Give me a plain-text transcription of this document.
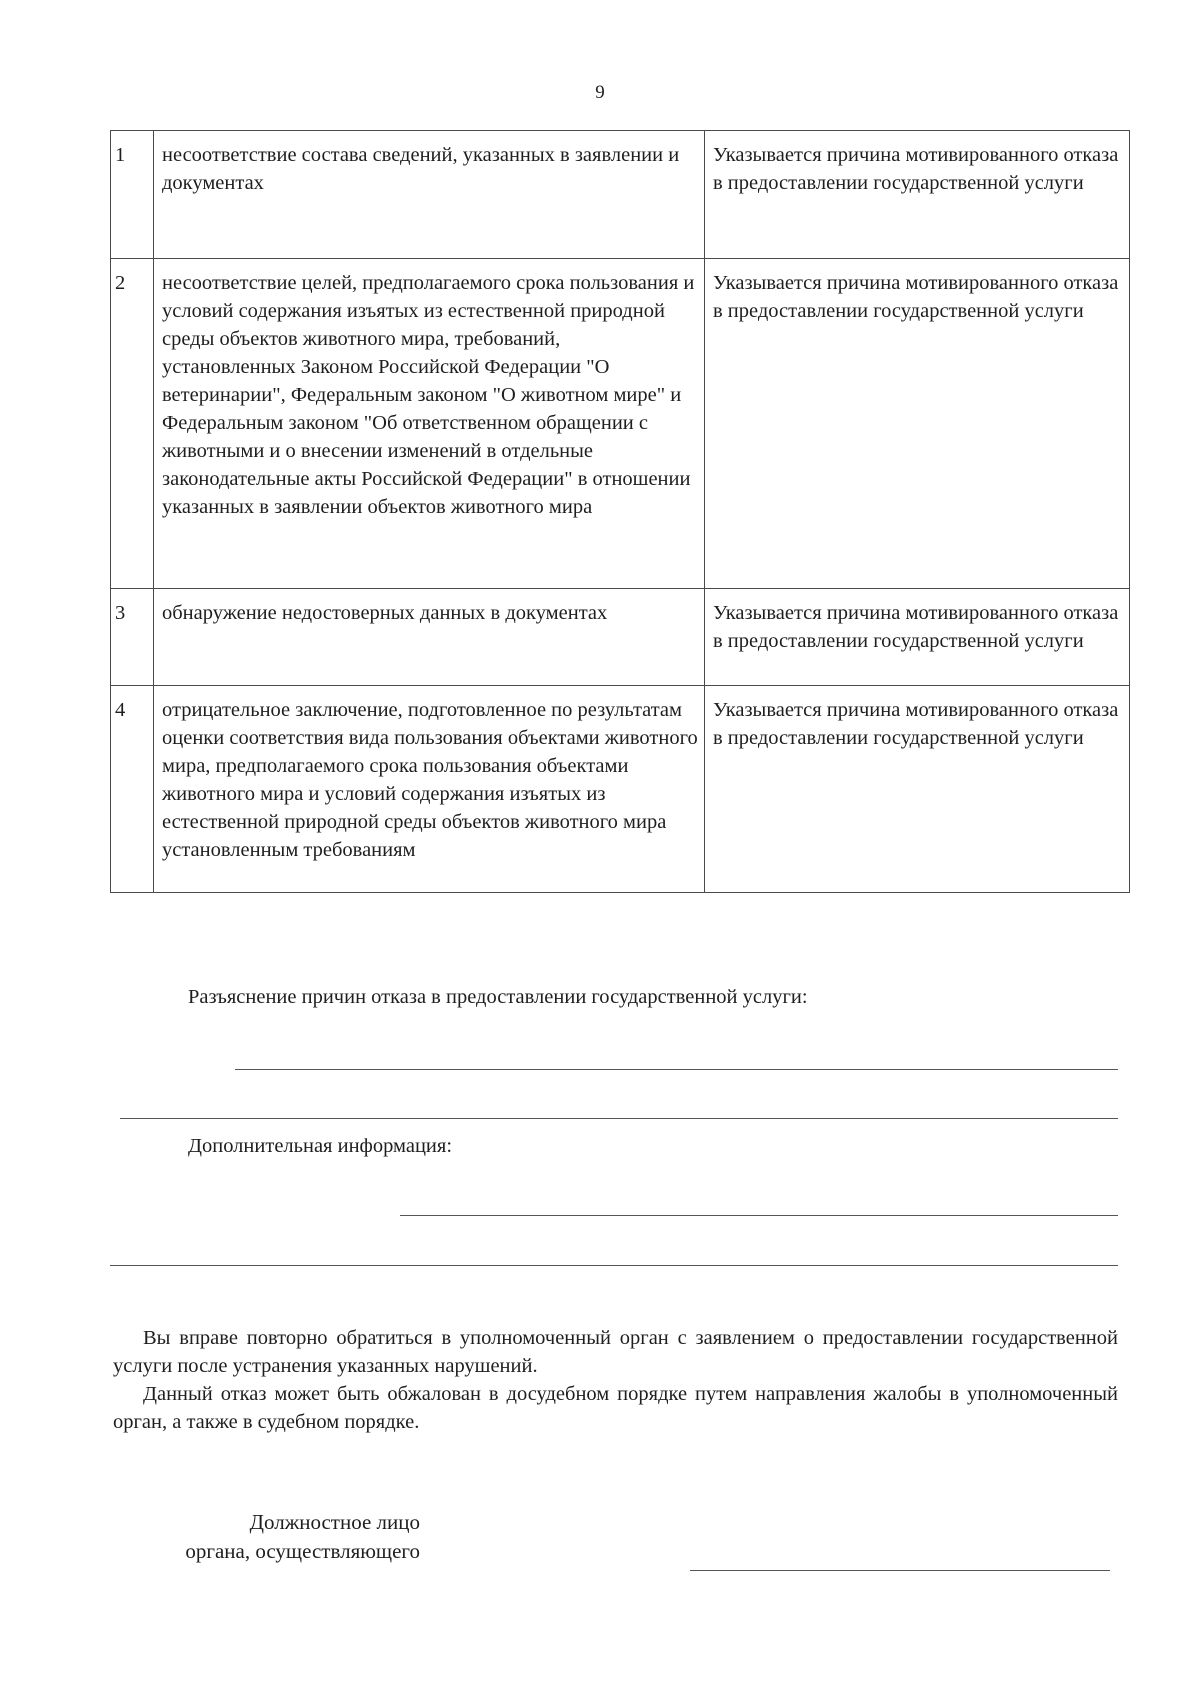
9
1	несоответствие состава сведений, указанных в заявлении и документах	Указывается причина мотивированного отказа в предоставлении государственной услуги
2	несоответствие целей, предполагаемого срока пользования и условий содержания изъятых из естественной природной среды объектов животного мира, требований, установленных Законом Российской Федерации "О ветеринарии", Федеральным законом "О животном мире" и Федеральным законом "Об ответственном обращении с животными и о внесении изменений в отдельные законодательные акты Российской Федерации" в отношении указанных в заявлении объектов животного мира	Указывается причина мотивированного отказа в предоставлении государственной услуги
3	обнаружение недостоверных данных в документах	Указывается причина мотивированного отказа в предоставлении государственной услуги
4	отрицательное заключение, подготовленное по результатам оценки соответствия вида пользования объектами животного мира, предполагаемого срока пользования объектами животного мира и условий содержания изъятых из естественной природной среды объектов животного мира установленным требованиям	Указывается причина мотивированного отказа в предоставлении государственной услуги
Разъяснение причин отказа в предоставлении государственной услуги:
Дополнительная информация:

Вы вправе повторно обратиться в уполномоченный орган с заявлением о предоставлении государственной услуги после устранения указанных нарушений.

Данный отказ может быть обжалован в досудебном порядке путем направления жалобы в уполномоченный орган, а также в судебном порядке.

Должностное лицо
органа, осуществляющего
